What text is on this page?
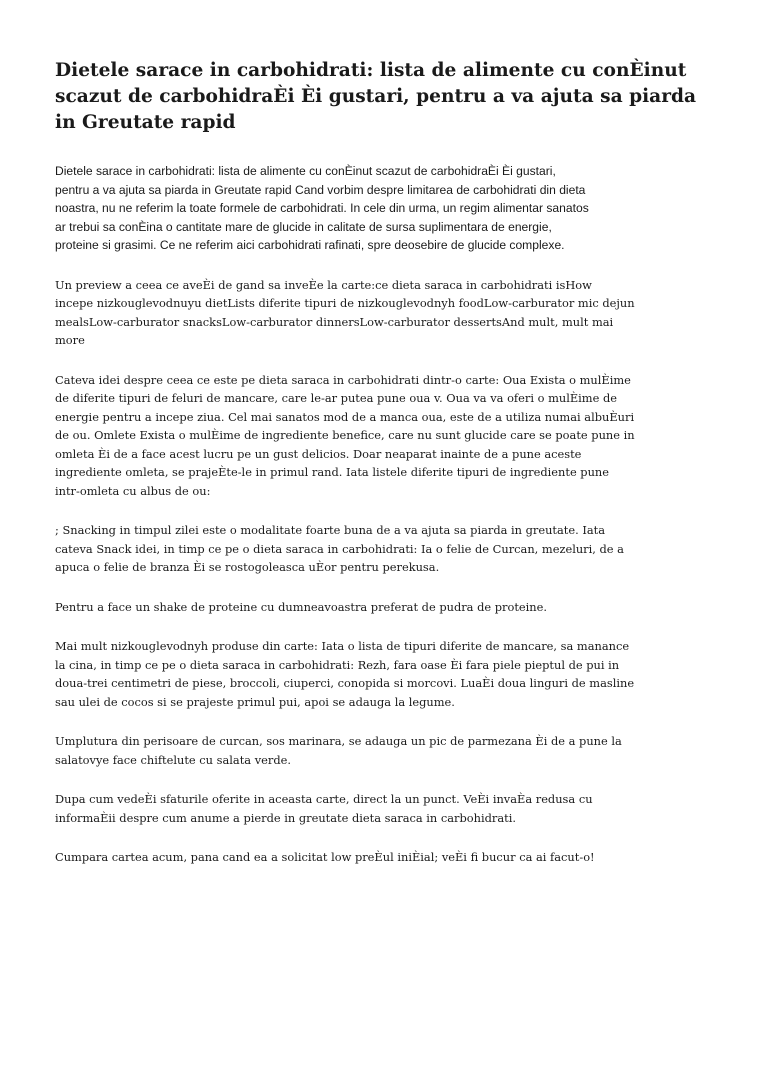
Dietele sarace in carbohidrati: lista de alimente cu conÈinut scazut de carbohidraÈi Èi gustari, pentru a va ajuta sa piarda in Greutate rapid
Dietele sarace in carbohidrati: lista de alimente cu conÈinut scazut de carbohidraÈi Èi gustari,
pentru a va ajuta sa piarda in Greutate rapid Cand vorbim despre limitarea de carbohidrati din dieta
noastra, nu ne referim la toate formele de carbohidrati. In cele din urma, un regim alimentar sanatos
ar trebui sa conÈina o cantitate mare de glucide in calitate de sursa suplimentara de energie,
proteine si grasimi. Ce ne referim aici carbohidrati rafinati, spre deosebire de glucide complexe.
Un preview a ceea ce aveÈi de gand sa inveÈe la carte:ce dieta saraca in carbohidrati isHow
incepe nizkouglevodnuyu dietLists diferite tipuri de nizkouglevodnyh foodLow-carburator mic dejun
mealsLow-carburator snacksLow-carburator dinnersLow-carburator dessertsAnd mult, mult mai
more
Cateva idei despre ceea ce este pe dieta saraca in carbohidrati dintr-o carte: Oua Exista o mulÈime
de diferite tipuri de feluri de mancare, care le-ar putea pune oua v. Oua va va oferi o mulÈime de
energie pentru a incepe ziua. Cel mai sanatos mod de a manca oua, este de a utiliza numai albuÈuri
de ou. Omlete Exista o mulÈime de ingrediente benefice, care nu sunt glucide care se poate pune in
omleta Èi de a face acest lucru pe un gust delicios. Doar neaparat inainte de a pune aceste
ingrediente omleta, se prajeÈte-le in primul rand. Iata listele diferite tipuri de ingrediente pune
intr-omleta cu albus de ou:
; Snacking in timpul zilei este o modalitate foarte buna de a va ajuta sa piarda in greutate. Iata
cateva Snack idei, in timp ce pe o dieta saraca in carbohidrati: Ia o felie de Curcan, mezeluri, de a
apuca o felie de branza Èi se rostogoleasca uÈor pentru perekusa.
Pentru a face un shake de proteine cu dumneavoastra preferat de pudra de proteine.
Mai mult nizkouglevodnyh produse din carte: Iata o lista de tipuri diferite de mancare, sa manance
la cina, in timp ce pe o dieta saraca in carbohidrati: Rezh, fara oase Èi fara piele pieptul de pui in
doua-trei centimetri de piese, broccoli, ciuperci, conopida si morcovi. LuaÈi doua linguri de masline
sau ulei de cocos si se prajeste primul pui, apoi se adauga la legume.
Umplutura din perisoare de curcan, sos marinara, se adauga un pic de parmezana Èi de a pune la
salatovye face chiftelute cu salata verde.
Dupa cum vedeÈi sfaturile oferite in aceasta carte, direct la un punct. VeÈi invaÈa redusa cu
informaÈii despre cum anume a pierde in greutate dieta saraca in carbohidrati.
Cumpara cartea acum, pana cand ea a solicitat low preÈul iniÈial; veÈi fi bucur ca ai facut-o!
